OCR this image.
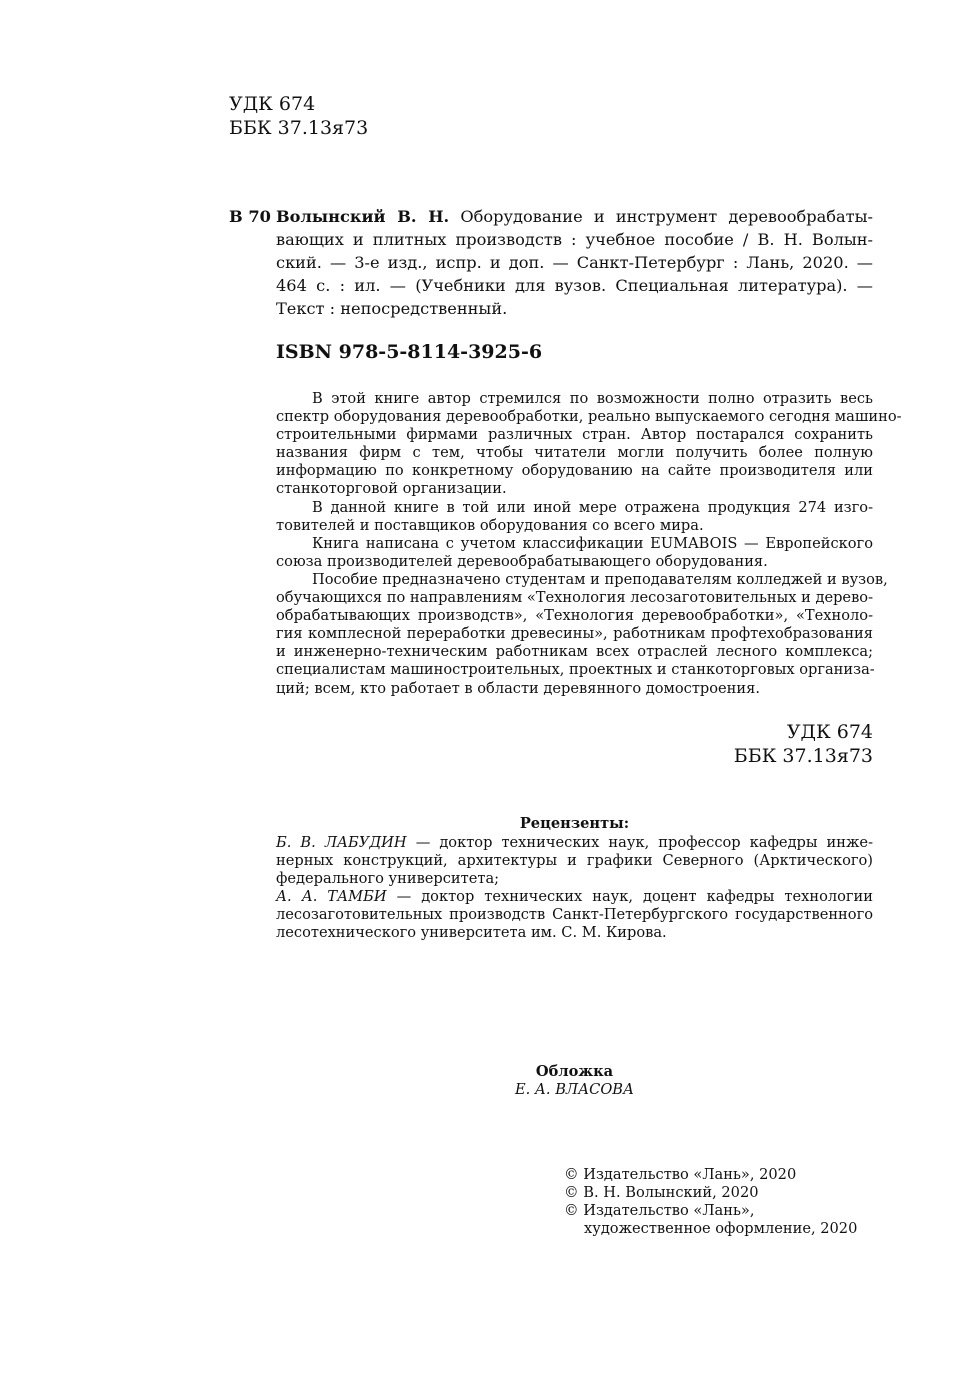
УДК 674
ББК 37.13я73
В 70 Волынский В. Н. Оборудование и инструмент деревообрабаты-
вающих и плитных производств : учебное пособие / В. Н. Волын-
ский. — 3-е изд., испр. и доп. — Санкт-Петербург : Лань, 2020. —
464 с. : ил. — (Учебники для вузов. Специальная литература). —
Текст : непосредственный.
ISBN 978-5-8114-3925-6
В этой книге автор стремился по возможности полно отразить весь
спектр оборудования деревообработки, реально выпускаемого сегодня машино-
строительными фирмами различных стран. Автор постарался сохранить
названия фирм с тем, чтобы читатели могли получить более полную
информацию по конкретному оборудованию на сайте производителя или
станкоторговой организации.
В данной книге в той или иной мере отражена продукция 274 изго-
товителей и поставщиков оборудования со всего мира.
Книга написана с учетом классификации EUMABOIS — Европейского
союза производителей деревообрабатывающего оборудования.
Пособие предназначено студентам и преподавателям колледжей и вузов,
обучающихся по направлениям «Технология лесозаготовительных и дерево-
обрабатывающих производств», «Технология деревообработки», «Техноло-
гия комплесной переработки древесины», работникам профтехобразования
и инженерно-техническим работникам всех отраслей лесного комплекса;
специалистам машиностроительных, проектных и станкоторговых организа-
ций; всем, кто работает в области деревянного домостроения.
УДК 674
ББК 37.13я73
Рецензенты:
Б. В. ЛАБУДИН — доктор технических наук, профессор кафедры инже-
нерных конструкций, архитектуры и графики Северного (Арктического)
федерального университета;
А. А. ТАМБИ — доктор технических наук, доцент кафедры технологии
лесозаготовительных производств Санкт-Петербургского государственного
лесотехнического университета им. С. М. Кирова.
Обложка
Е. А. ВЛАСОВА
© Издательство «Лань», 2020
© В. Н. Волынский, 2020
© Издательство «Лань»,
художественное оформление, 2020
